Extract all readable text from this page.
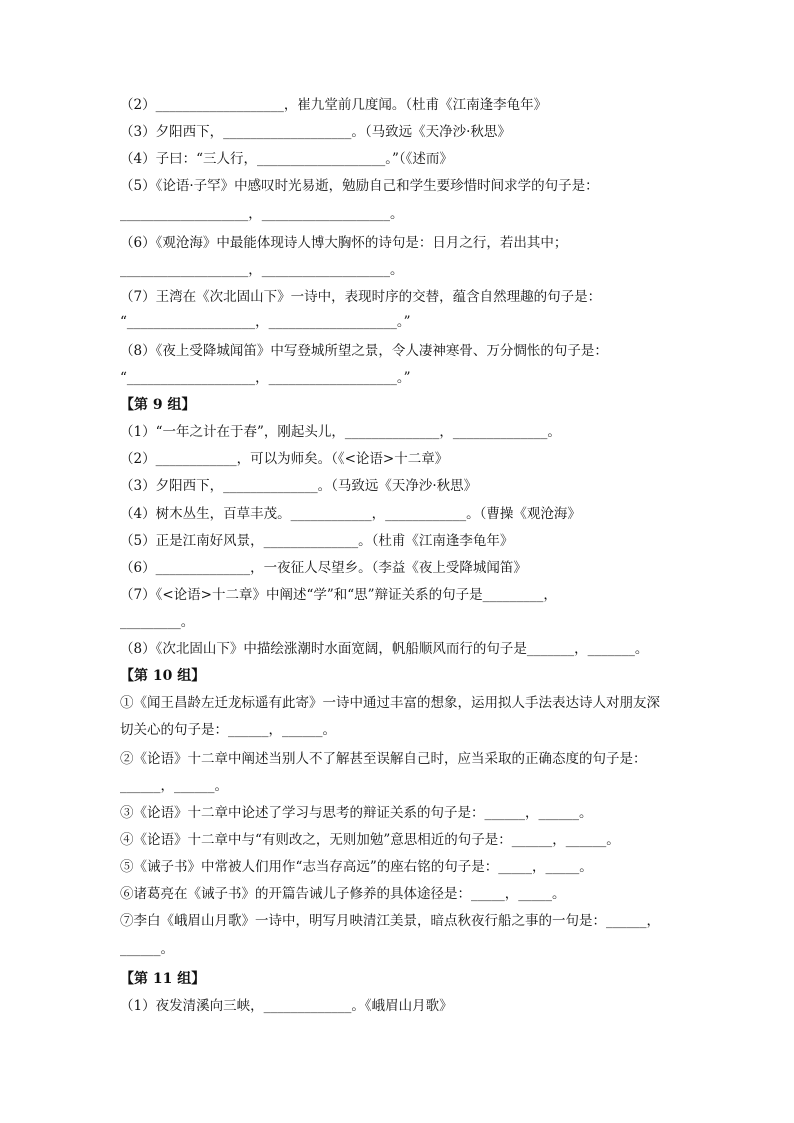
（2）___________________，崔九堂前几度闻。（杜甫《江南逢李龟年》
（3）夕阳西下，___________________。（马致远《天净沙·秋思》
（4）子曰：“三人行，___________________。”（《述而》
（5）《论语·子罕》中感叹时光易逝，勉励自己和学生要珍惜时间求学的句子是：
___________________，___________________。
（6）《观沧海》中最能体现诗人博大胸怀的诗句是：日月之行，若出其中；
___________________，___________________。
（7）王湾在《次北固山下》一诗中，表现时序的交替，蕴含自然理趣的句子是：
“___________________，___________________。”
（8）《夜上受降城闻笛》中写登城所望之景，令人凄神寒骨、万分惆怅的句子是：
“___________________，___________________。”
【第 9 组】
（1）“一年之计在于春”，刚起头儿，______________，______________。
（2）____________，可以为师矣。（《<论语>十二章》
（3）夕阳西下，______________。（马致远《天净沙·秋思》
（4）树木丛生，百草丰茂。____________，____________。（曹操《观沧海》
（5）正是江南好风景，______________。（杜甫《江南逢李龟年》
（6）______________，一夜征人尽望乡。（李益《夜上受降城闻笛》
（7）《<论语>十二章》中阐述“学”和“思”辩证关系的句子是_________，
_________。
（8）《次北固山下》中描绘涨潮时水面宽阔，帆船顺风而行的句子是_______，_______。
【第 10 组】
①《闻王昌龄左迁龙标遥有此寄》一诗中通过丰富的想象，运用拟人手法表达诗人对朋友深
切关心的句子是：______，______。
②《论语》十二章中阐述当别人不了解甚至误解自己时，应当采取的正确态度的句子是：
______，______。
③《论语》十二章中论述了学习与思考的辩证关系的句子是：______，______。
④《论语》十二章中与“有则改之，无则加勉”意思相近的句子是：______，______。
⑤《诫子书》中常被人们用作“志当存高远”的座右铭的句子是：_____，_____。
⑥诸葛亮在《诫子书》的开篇告诫儿子修养的具体途径是：_____，_____。
⑦李白《峨眉山月歌》一诗中，明写月映清江美景，暗点秋夜行船之事的一句是：______，
______。
【第 11 组】
（1）夜发清溪向三峡，_____________。《峨眉山月歌》
